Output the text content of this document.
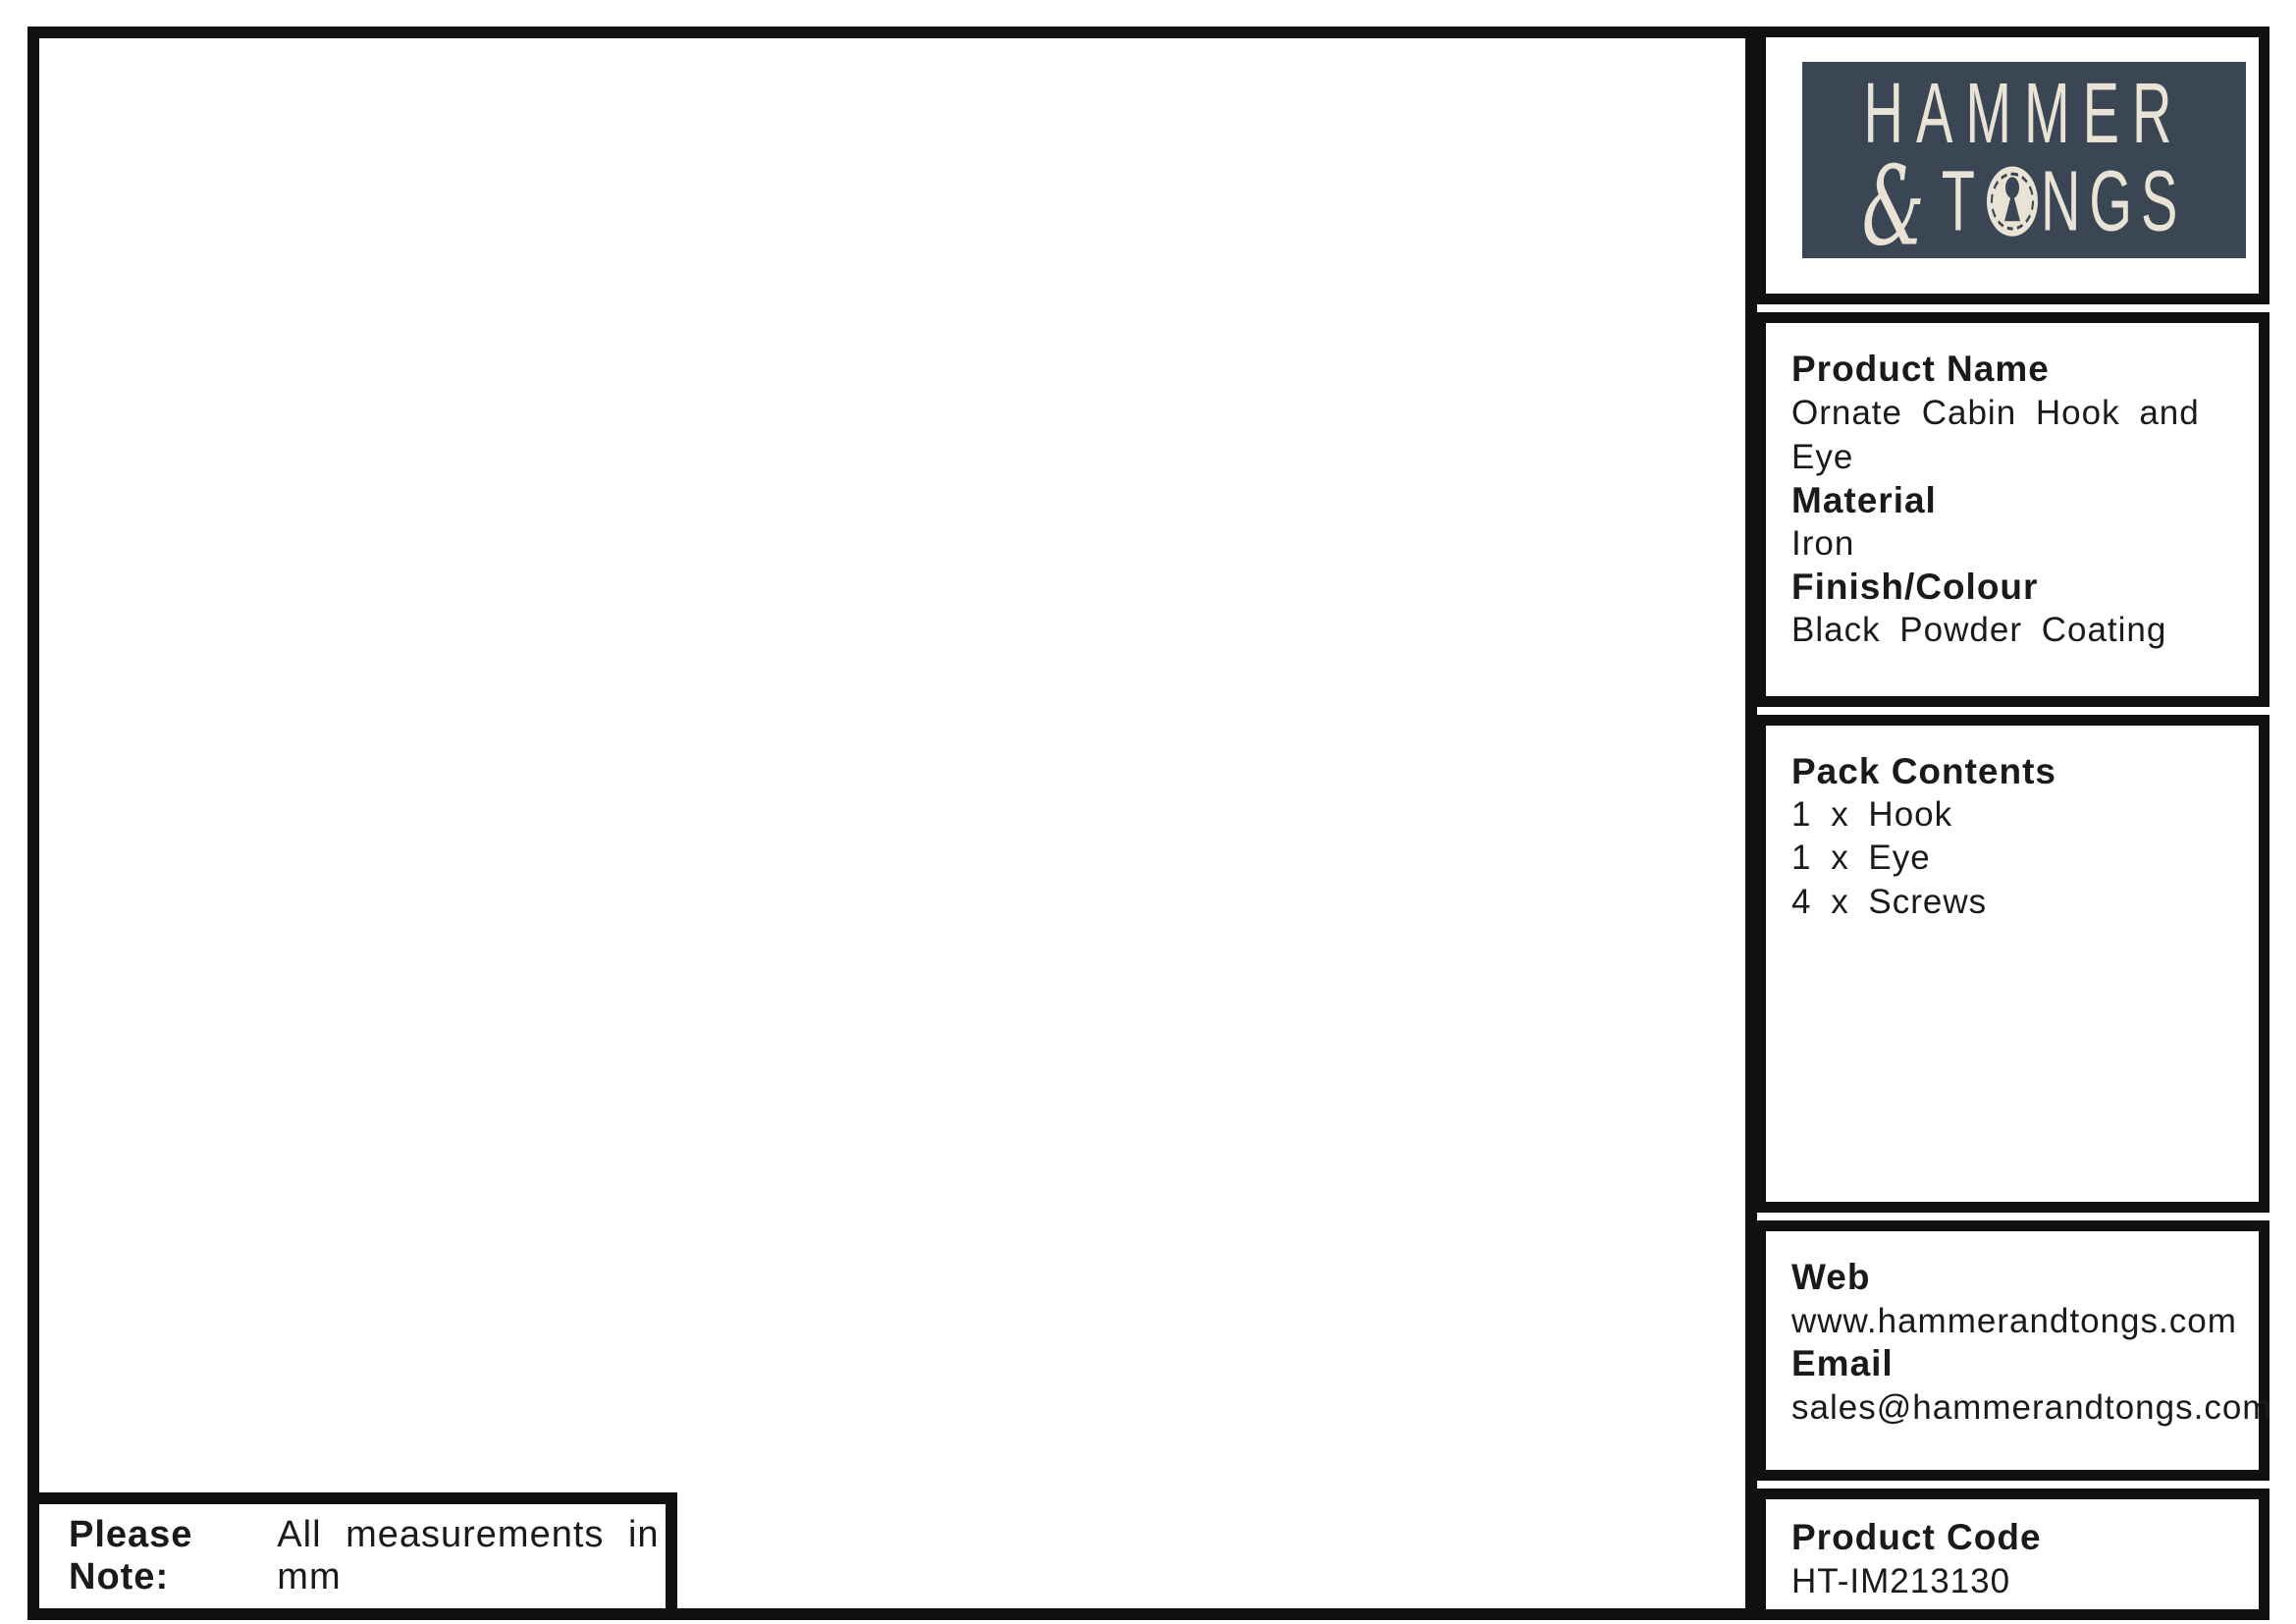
HAMMER
& T NGS
Product Name
Ornate Cabin Hook and Eye
Material
Iron
Finish/Colour
Black Powder Coating
Pack Contents
1 x Hook
1 x Eye
4 x Screws
Web
www.hammerandtongs.com
Email
sales@hammerandtongs.com
Product Code
HT-IM213130
Please Note:
All measurements in mm
